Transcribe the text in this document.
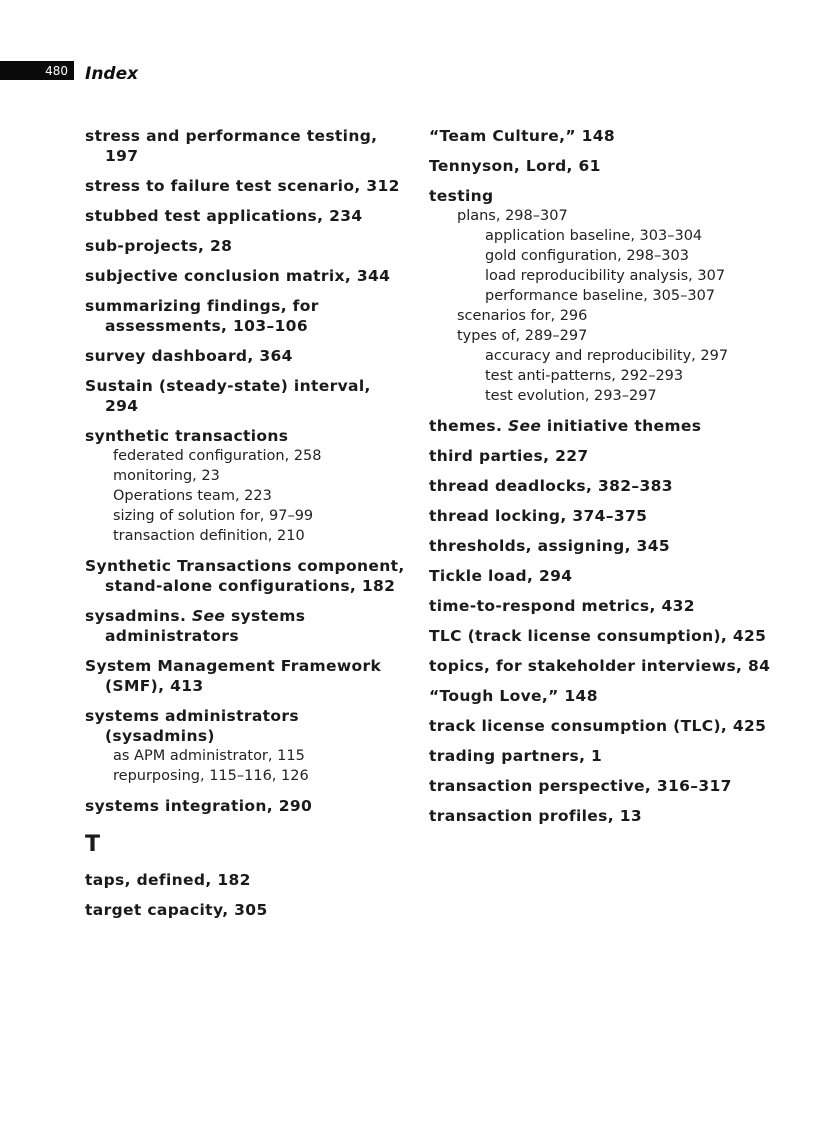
480	Index
stress and performance testing, 197
stress to failure test scenario, 312
stubbed test applications, 234
sub-projects, 28
subjective conclusion matrix, 344
summarizing findings, for assessments, 103–106
survey dashboard, 364
Sustain (steady-state) interval, 294
synthetic transactions
federated configuration, 258
monitoring, 23
Operations team, 223
sizing of solution for, 97–99
transaction definition, 210
Synthetic Transactions component, stand-alone configurations, 182
sysadmins. See systems administrators
System Management Framework (SMF), 413
systems administrators (sysadmins)
as APM administrator, 115
repurposing, 115–116, 126
systems integration, 290
T
taps, defined, 182
target capacity, 305
“Team Culture,” 148
Tennyson, Lord, 61
testing
plans, 298–307
application baseline, 303–304
gold configuration, 298–303
load reproducibility analysis, 307
performance baseline, 305–307
scenarios for, 296
types of, 289–297
accuracy and reproducibility, 297
test anti-patterns, 292–293
test evolution, 293–297
themes. See initiative themes
third parties, 227
thread deadlocks, 382–383
thread locking, 374–375
thresholds, assigning, 345
Tickle load, 294
time-to-respond metrics, 432
TLC (track license consumption), 425
topics, for stakeholder interviews, 84
“Tough Love,” 148
track license consumption (TLC), 425
trading partners, 1
transaction perspective, 316–317
transaction profiles, 13
